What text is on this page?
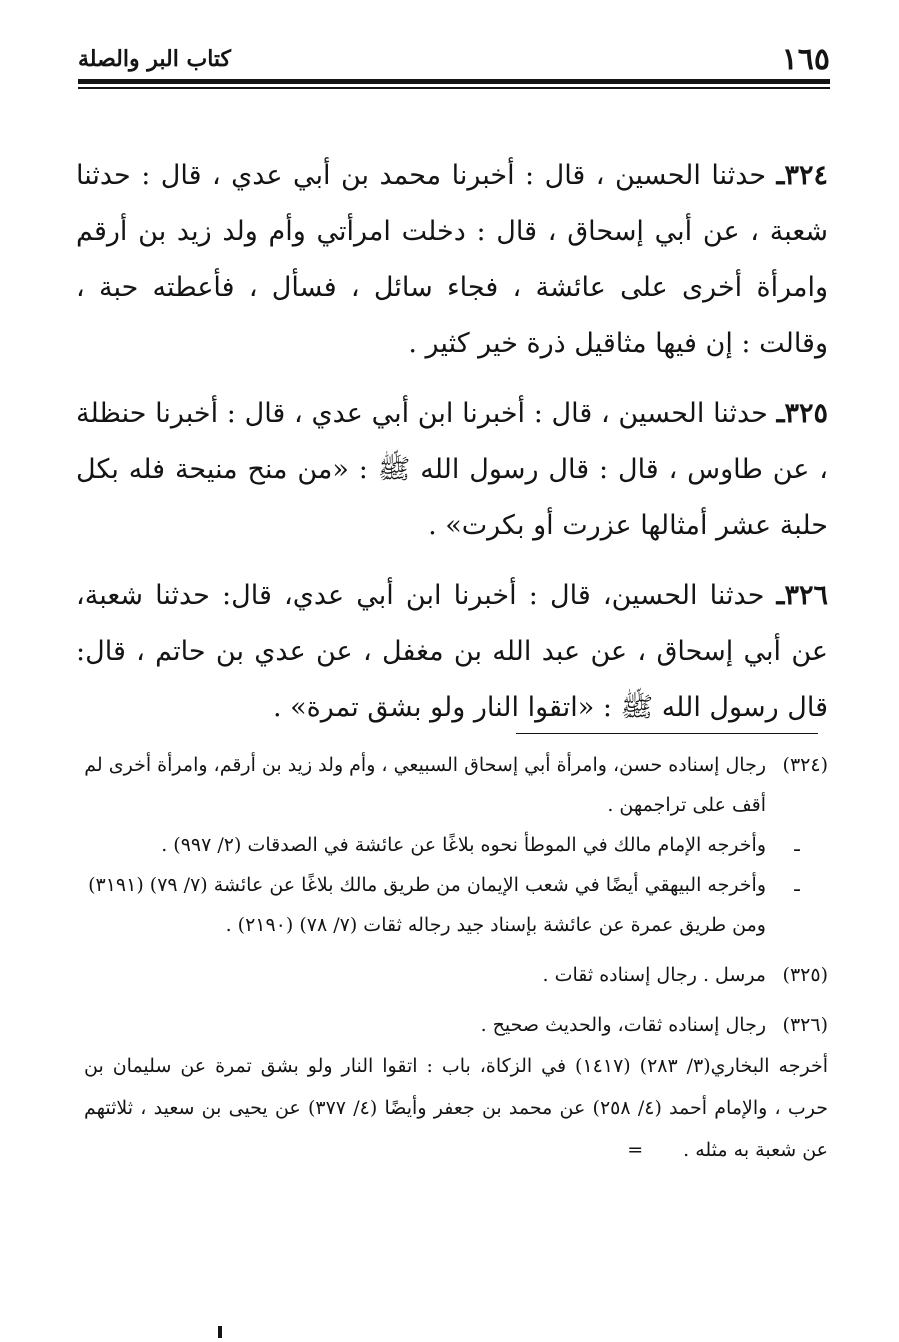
١٦٥
كتاب البر والصلة

٣٢٤ـ حدثنا الحسين ، قال : أخبرنا محمد بن أبي عدي ، قال : حدثنا شعبة ، عن أبي إسحاق ، قال : دخلت امرأتي وأم ولد زيد بن أرقم وامرأة أخرى على عائشة ، فجاء سائل ، فسأل ، فأعطته حبة ، وقالت : إن فيها مثاقيل ذرة خير كثير .

٣٢٥ـ حدثنا الحسين ، قال : أخبرنا ابن أبي عدي ، قال : أخبرنا حنظلة ، عن طاوس ، قال : قال رسول الله ﷺ : «من منح منيحة فله بكل حلبة عشر أمثالها عزرت أو بكرت» .

٣٢٦ـ حدثنا الحسين، قال : أخبرنا ابن أبي عدي، قال: حدثنا شعبة، عن أبي إسحاق ، عن عبد الله بن مغفل ، عن عدي بن حاتم ، قال: قال رسول الله ﷺ : «اتقوا النار ولو بشق تمرة» .

(٣٢٤)
رجال إسناده حسن، وامرأة أبي إسحاق السبيعي ، وأم ولد زيد بن أرقم، وامرأة أخرى لم أقف على تراجمهن .
ـ
وأخرجه الإمام مالك في الموطأ نحوه بلاغًا عن عائشة في الصدقات (٢/ ٩٩٧) .
ـ
وأخرجه البيهقي أيضًا في شعب الإيمان من طريق مالك بلاغًا عن عائشة (٧/ ٧٩) (٣١٩١) ومن طريق عمرة عن عائشة بإسناد جيد رجاله ثقات (٧/ ٧٨) (٢١٩٠) .
(٣٢٥)
مرسل . رجال إسناده ثقات .
(٣٢٦)
رجال إسناده ثقات، والحديث صحيح .
أخرجه البخاري(٣/ ٢٨٣) (١٤١٧) في الزكاة، باب : اتقوا النار ولو بشق تمرة عن سليمان بن حرب ، والإمام أحمد (٤/ ٢٥٨) عن محمد بن جعفر وأيضًا (٤/ ٣٧٧) عن يحيى بن سعيد ، ثلاثتهم عن شعبة به مثله .=
